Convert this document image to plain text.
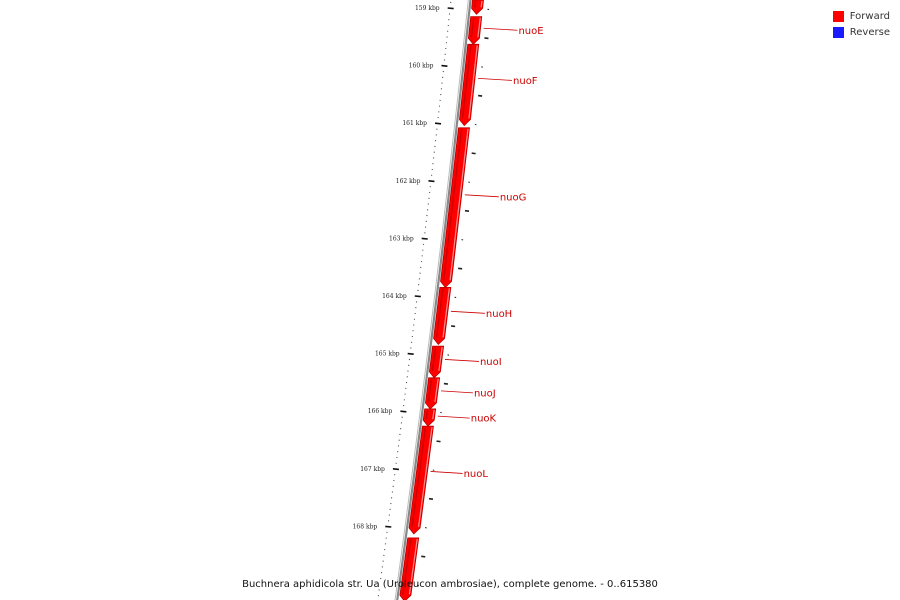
159 kbp
160 kbp
161 kbp
162 kbp
163 kbp
164 kbp
165 kbp
166 kbp
167 kbp
168 kbp
nuoE
nuoF
nuoG
nuoH
nuoI
nuoJ
nuoK
nuoL
Forward
Reverse
Buchnera aphidicola str. Ua (Uroleucon ambrosiae), complete genome. - 0..615380
